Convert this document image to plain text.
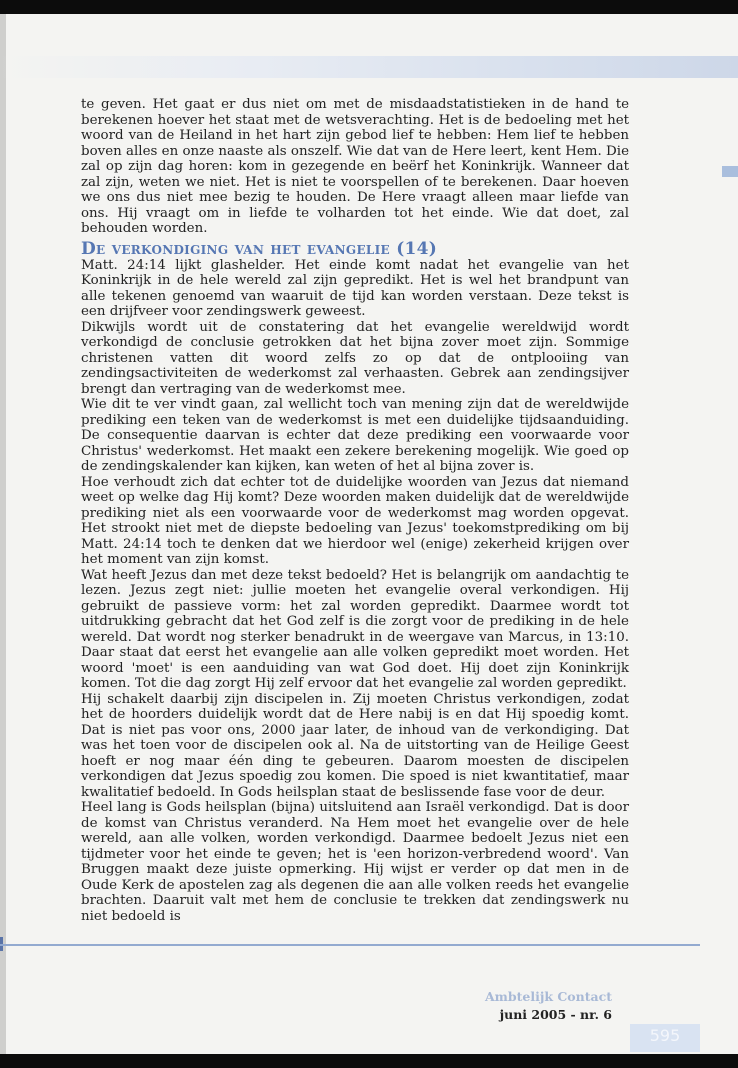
te geven. Het gaat er dus niet om met de misdaadstatistieken in de hand te berekenen hoever het staat met de wetsverachting. Het is de bedoeling met het woord van de Heiland in het hart zijn gebod lief te hebben: Hem lief te hebben boven alles en onze naaste als onszelf. Wie dat van de Here leert, kent Hem. Die zal op zijn dag horen: kom in gezegende en beërf het Koninkrijk. Wanneer dat zal zijn, weten we niet. Het is niet te voorspellen of te berekenen. Daar hoeven we ons dus niet mee bezig te houden. De Here vraagt alleen maar liefde van ons. Hij vraagt om in liefde te volharden tot het einde. Wie dat doet, zal behouden worden.

De verkondiging van het evangelie (14)

Matt. 24:14 lijkt glashelder. Het einde komt nadat het evangelie van het Koninkrijk in de hele wereld zal zijn gepredikt. Het is wel het brandpunt van alle tekenen genoemd van waaruit de tijd kan worden verstaan. Deze tekst is een drijfveer voor zendingswerk geweest.

Dikwijls wordt uit de constatering dat het evangelie wereldwijd wordt verkondigd de conclusie getrokken dat het bijna zover moet zijn. Sommige christenen vatten dit woord zelfs zo op dat de ontplooiing van zendingsactiviteiten de wederkomst zal verhaasten. Gebrek aan zendingsijver brengt dan vertraging van de wederkomst mee.

Wie dit te ver vindt gaan, zal wellicht toch van mening zijn dat de wereldwijde prediking een teken van de wederkomst is met een duidelijke tijdsaanduiding. De consequentie daarvan is echter dat deze prediking een voorwaarde voor Christus' wederkomst. Het maakt een zekere berekening mogelijk. Wie goed op de zendingskalender kan kijken, kan weten of het al bijna zover is.

Hoe verhoudt zich dat echter tot de duidelijke woorden van Jezus dat niemand weet op welke dag Hij komt? Deze woorden maken duidelijk dat de wereldwijde prediking niet als een voorwaarde voor de wederkomst mag worden opgevat. Het strookt niet met de diepste bedoeling van Jezus' toekomstprediking om bij Matt. 24:14 toch te denken dat we hierdoor wel (enige) zekerheid krijgen over het moment van zijn komst.

Wat heeft Jezus dan met deze tekst bedoeld? Het is belangrijk om aandachtig te lezen. Jezus zegt niet: jullie moeten het evangelie overal verkondigen. Hij gebruikt de passieve vorm: het zal worden gepredikt. Daarmee wordt tot uitdrukking gebracht dat het God zelf is die zorgt voor de prediking in de hele wereld. Dat wordt nog sterker benadrukt in de weergave van Marcus, in 13:10. Daar staat dat eerst het evangelie aan alle volken gepredikt moet worden. Het woord 'moet' is een aanduiding van wat God doet. Hij doet zijn Koninkrijk komen. Tot die dag zorgt Hij zelf ervoor dat het evangelie zal worden gepredikt.

Hij schakelt daarbij zijn discipelen in. Zij moeten Christus verkondigen, zodat het de hoorders duidelijk wordt dat de Here nabij is en dat Hij spoedig komt. Dat is niet pas voor ons, 2000 jaar later, de inhoud van de verkondiging. Dat was het toen voor de discipelen ook al. Na de uitstorting van de Heilige Geest hoeft er nog maar één ding te gebeuren. Daarom moesten de discipelen verkondigen dat Jezus spoedig zou komen. Die spoed is niet kwantitatief, maar kwalitatief bedoeld. In Gods heilsplan staat de beslissende fase voor de deur.

Heel lang is Gods heilsplan (bijna) uitsluitend aan Israël verkondigd. Dat is door de komst van Christus veranderd. Na Hem moet het evangelie over de hele wereld, aan alle volken, worden verkondigd. Daarmee bedoelt Jezus niet een tijdmeter voor het einde te geven; het is 'een horizon-verbredend woord'. Van Bruggen maakt deze juiste opmerking. Hij wijst er verder op dat men in de Oude Kerk de apostelen zag als degenen die aan alle volken reeds het evangelie brachten. Daaruit valt met hem de conclusie te trekken dat zendingswerk nu niet bedoeld is

Ambtelijk Contact
juni 2005 - nr. 6
595
